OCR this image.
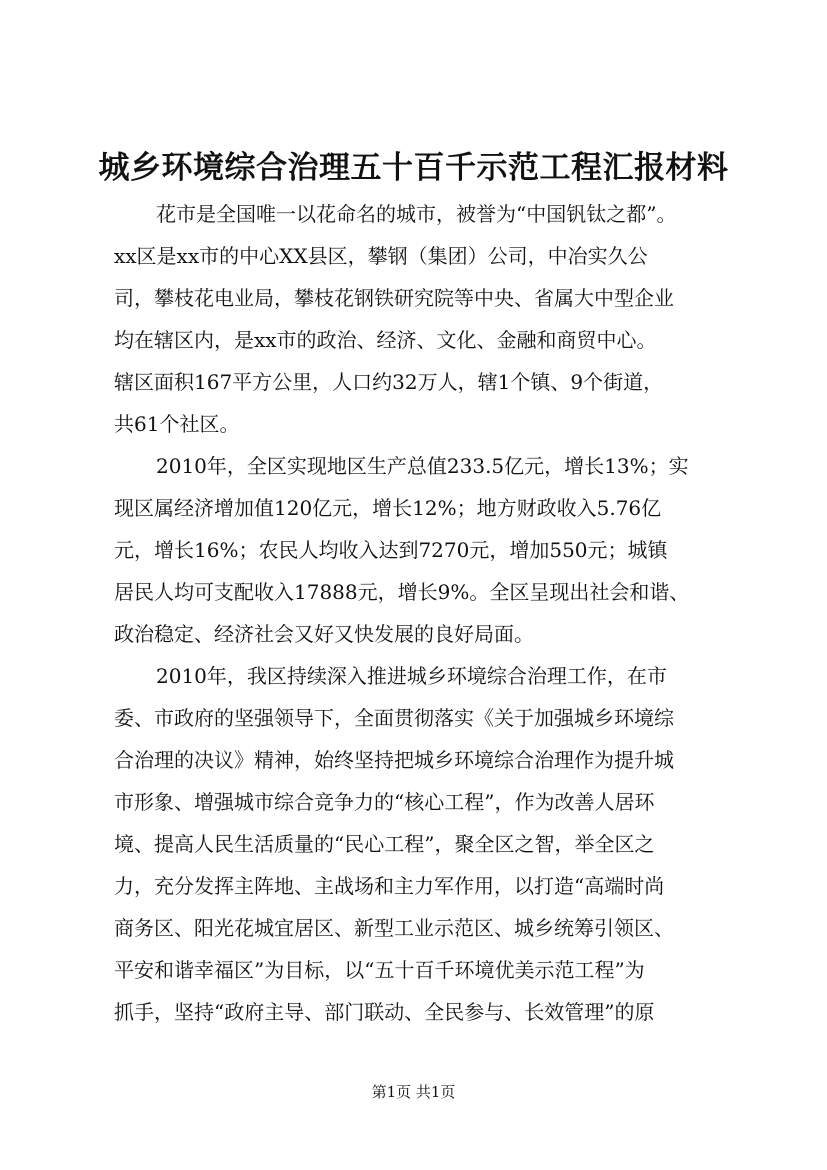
城乡环境综合治理五十百千示范工程汇报材料
花市是全国唯一以花命名的城市，被誉为“中国钒钛之都”。
xx区是xx市的中心XX县区，攀钢（集团）公司，中冶实久公
司，攀枝花电业局，攀枝花钢铁研究院等中央、省属大中型企业
均在辖区内，是xx市的政治、经济、文化、金融和商贸中心。
辖区面积167平方公里，人口约32万人，辖1个镇、9个街道，
共61个社区。
2010年，全区实现地区生产总值233.5亿元，增长13%；实
现区属经济增加值120亿元，增长12%；地方财政收入5.76亿
元，增长16%；农民人均收入达到7270元，增加550元；城镇
居民人均可支配收入17888元，增长9%。全区呈现出社会和谐、
政治稳定、经济社会又好又快发展的良好局面。
2010年，我区持续深入推进城乡环境综合治理工作，在市
委、市政府的坚强领导下，全面贯彻落实《关于加强城乡环境综
合治理的决议》精神，始终坚持把城乡环境综合治理作为提升城
市形象、增强城市综合竞争力的“核心工程”，作为改善人居环
境、提高人民生活质量的“民心工程”，聚全区之智，举全区之
力，充分发挥主阵地、主战场和主力军作用，以打造“高端时尚
商务区、阳光花城宜居区、新型工业示范区、城乡统筹引领区、
平安和谐幸福区”为目标，以“五十百千环境优美示范工程”为
抓手，坚持“政府主导、部门联动、全民参与、长效管理”的原
第1页 共1页
